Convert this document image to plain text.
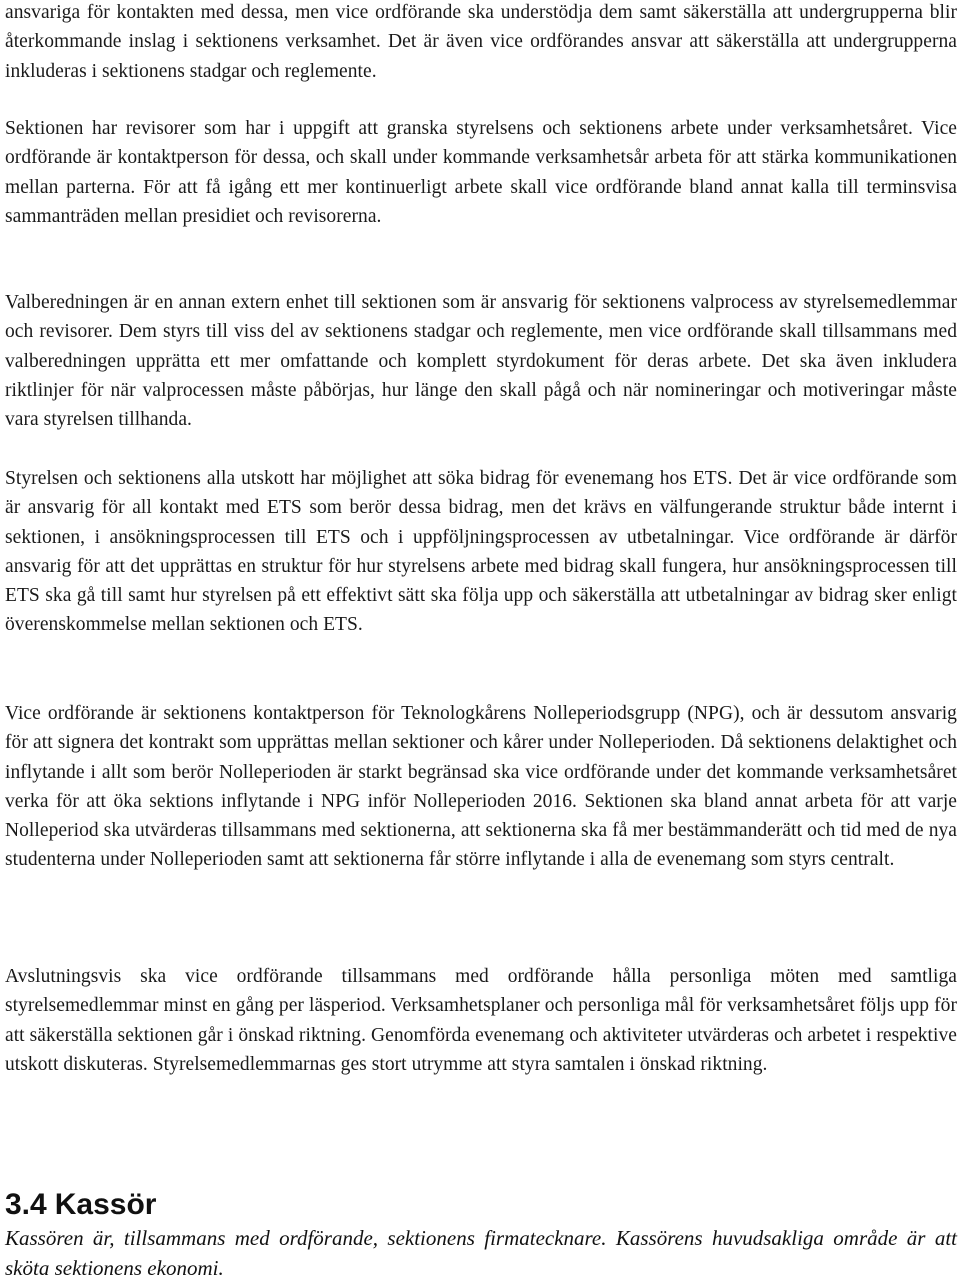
ansvariga för kontakten med dessa, men vice ordförande ska understödja dem samt säkerställa att undergrupperna blir återkommande inslag i sektionens verksamhet. Det är även vice ordförandes ansvar att säkerställa att undergrupperna inkluderas i sektionens stadgar och reglemente.

Sektionen har revisorer som har i uppgift att granska styrelsens och sektionens arbete under verksamhetsåret. Vice ordförande är kontaktperson för dessa, och skall under kommande verksamhetsår arbeta för att stärka kommunikationen mellan parterna. För att få igång ett mer kontinuerligt arbete skall vice ordförande bland annat kalla till terminsvisa sammanträden mellan presidiet och revisorerna.

Valberedningen är en annan extern enhet till sektionen som är ansvarig för sektionens valprocess av styrelsemedlemmar och revisorer. Dem styrs till viss del av sektionens stadgar och reglemente, men vice ordförande skall tillsammans med valberedningen upprätta ett mer omfattande och komplett styrdokument för deras arbete. Det ska även inkludera riktlinjer för när valprocessen måste påbörjas, hur länge den skall pågå och när nomineringar och motiveringar måste vara styrelsen tillhanda.

Styrelsen och sektionens alla utskott har möjlighet att söka bidrag för evenemang hos ETS. Det är vice ordförande som är ansvarig för all kontakt med ETS som berör dessa bidrag, men det krävs en välfungerande struktur både internt i sektionen, i ansökningsprocessen till ETS och i uppföljningsprocessen av utbetalningar. Vice ordförande är därför ansvarig för att det upprättas en struktur för hur styrelsens arbete med bidrag skall fungera, hur ansökningsprocessen till ETS ska gå till samt hur styrelsen på ett effektivt sätt ska följa upp och säkerställa att utbetalningar av bidrag sker enligt överenskommelse mellan sektionen och ETS.

Vice ordförande är sektionens kontaktperson för Teknologkårens Nolleperiodsgrupp (NPG), och är dessutom ansvarig för att signera det kontrakt som upprättas mellan sektioner och kårer under Nolleperioden. Då sektionens delaktighet och inflytande i allt som berör Nolleperioden är starkt begränsad ska vice ordförande under det kommande verksamhetsåret verka för att öka sektions inflytande i NPG inför Nolleperioden 2016. Sektionen ska bland annat arbeta för att varje Nolleperiod ska utvärderas tillsammans med sektionerna, att sektionerna ska få mer bestämmanderätt och tid med de nya studenterna under Nolleperioden samt att sektionerna får större inflytande i alla de evenemang som styrs centralt.

Avslutningsvis ska vice ordförande tillsammans med ordförande hålla personliga möten med samtliga styrelsemedlemmar minst en gång per läsperiod. Verksamhetsplaner och personliga mål för verksamhetsåret följs upp för att säkerställa sektionen går i önskad riktning. Genomförda evenemang och aktiviteter utvärderas och arbetet i respektive utskott diskuteras. Styrelsemedlemmarnas ges stort utrymme att styra samtalen i önskad riktning.

3.4 Kassör

Kassören är, tillsammans med ordförande, sektionens firmatecknare. Kassörens huvudsakliga område är att sköta sektionens ekonomi.
